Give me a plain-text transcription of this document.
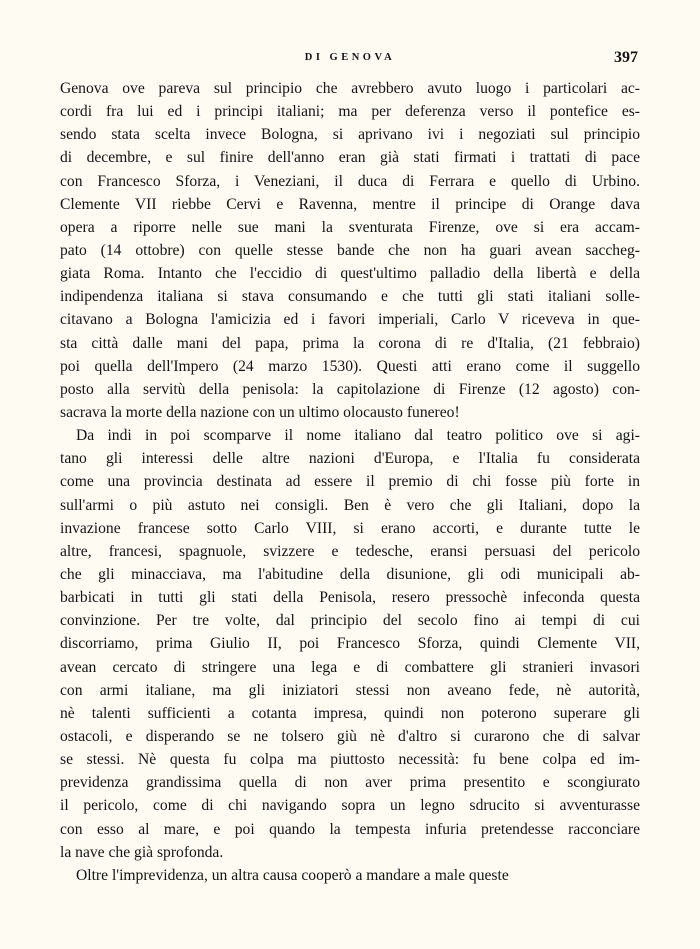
DI GENOVA	397
Genova ove pareva sul principio che avrebbero avuto luogo i particolari ac-
cordi fra lui ed i principi italiani; ma per deferenza verso il pontefice es-
sendo stata scelta invece Bologna, si aprivano ivi i negoziati sul principio
di decembre, e sul finire dell'anno eran già stati firmati i trattati di pace
con Francesco Sforza, i Veneziani, il duca di Ferrara e quello di Urbino.
Clemente VII riebbe Cervi e Ravenna, mentre il principe di Orange dava
opera a riporre nelle sue mani la sventurata Firenze, ove si era accam-
pato (14 ottobre) con quelle stesse bande che non ha guari avean saccheg-
giata Roma. Intanto che l'eccidio di quest'ultimo palladio della libertà e della
indipendenza italiana si stava consumando e che tutti gli stati italiani solle-
citavano a Bologna l'amicizia ed i favori imperiali, Carlo V riceveva in que-
sta città dalle mani del papa, prima la corona di re d'Italia, (21 febbraio)
poi quella dell'Impero (24 marzo 1530). Questi atti erano come il suggello
posto alla servitù della penisola: la capitolazione di Firenze (12 agosto) con-
sacrava la morte della nazione con un ultimo olocausto funereo!
Da indi in poi scomparve il nome italiano dal teatro politico ove si agi-
tano gli interessi delle altre nazioni d'Europa, e l'Italia fu considerata
come una provincia destinata ad essere il premio di chi fosse più forte in
sull'armi o più astuto nei consigli. Ben è vero che gli Italiani, dopo la
invazione francese sotto Carlo VIII, si erano accorti, e durante tutte le
altre, francesi, spagnuole, svizzere e tedesche, eransi persuasi del pericolo
che gli minacciava, ma l'abitudine della disunione, gli odi municipali ab-
barbicati in tutti gli stati della Penisola, resero pressochè infeconda questa
convinzione. Per tre volte, dal principio del secolo fino ai tempi di cui
discorriamo, prima Giulio II, poi Francesco Sforza, quindi Clemente VII,
avean cercato di stringere una lega e di combattere gli stranieri invasori
con armi italiane, ma gli iniziatori stessi non aveano fede, nè autorità,
nè talenti sufficienti a cotanta impresa, quindi non poterono superare gli
ostacoli, e disperando se ne tolsero giù nè d'altro si curarono che di salvar
se stessi. Nè questa fu colpa ma piuttosto necessità: fu bene colpa ed im-
previdenza grandissima quella di non aver prima presentito e scongiurato
il pericolo, come di chi navigando sopra un legno sdrucito si avventurasse
con esso al mare, e poi quando la tempesta infuria pretendesse racconciare
la nave che già sprofonda.
Oltre l'imprevidenza, un altra causa cooperò a mandare a male queste
